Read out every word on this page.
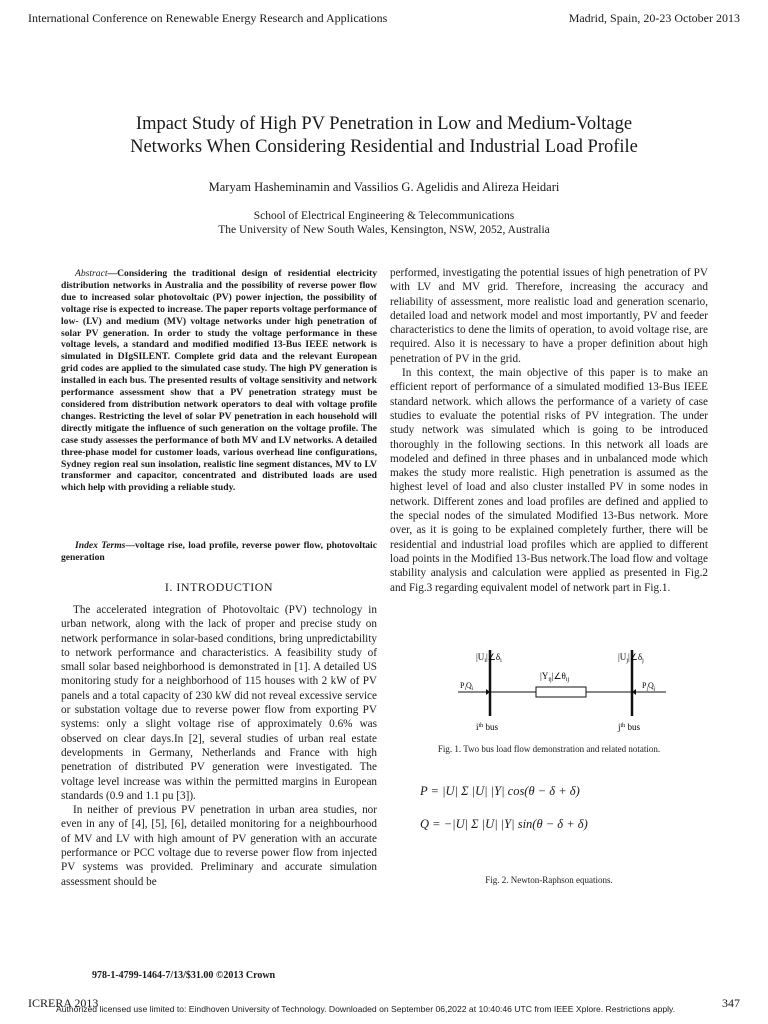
International Conference on Renewable Energy Research and Applications	Madrid, Spain, 20-23 October 2013
Impact Study of High PV Penetration in Low and Medium-Voltage
Networks When Considering Residential and Industrial Load Profile
Maryam Hasheminamin and Vassilios G. Agelidis and Alireza Heidari
School of Electrical Engineering & Telecommunications
The University of New South Wales, Kensington, NSW, 2052, Australia
Abstract—Considering the traditional design of residential electricity distribution networks in Australia and the possibility of reverse power flow due to increased solar photovoltaic (PV) power injection, the possibility of voltage rise is expected to increase. The paper reports voltage performance of low- (LV) and medium (MV) voltage networks under high penetration of solar PV generation. In order to study the voltage performance in these voltage levels, a standard and modified modified 13-Bus IEEE network is simulated in DIgSILENT. Complete grid data and the relevant European grid codes are applied to the simulated case study. The high PV generation is installed in each bus. The presented results of voltage sensitivity and network performance assessment show that a PV penetration strategy must be considered from distribution network operators to deal with voltage profile changes. Restricting the level of solar PV penetration in each household will directly mitigate the influence of such generation on the voltage profile. The case study assesses the performance of both MV and LV networks. A detailed three-phase model for customer loads, various overhead line configurations, Sydney region real sun insolation, realistic line segment distances, MV to LV transformer and capacitor, concentrated and distributed loads are used which help with providing a reliable study.
Index Terms—voltage rise, load profile, reverse power flow, photovoltaic generation
I. INTRODUCTION

The accelerated integration of Photovoltaic (PV) technology in urban network, along with the lack of proper and precise study on network performance in solar-based conditions, bring unpredictability to network performance and characteristics. A feasibility study of small solar based neighborhood is demonstrated in [1]. A detailed US monitoring study for a neighborhood of 115 houses with 2 kW of PV panels and a total capacity of 230 kW did not reveal excessive service or substation voltage due to reverse power flow from exporting PV systems: only a slight voltage rise of approximately 0.6% was observed on clear days.In [2], several studies of urban real estate developments in Germany, Netherlands and France with high penetration of distributed PV generation were investigated. The voltage level increase was within the permitted margins in European standards (0.9 and 1.1 pu [3]).

In neither of previous PV penetration in urban area studies, nor even in any of [4], [5], [6], detailed monitoring for a neighbourhood of MV and LV with high amount of PV generation with an accurate performance or PCC voltage due to reverse power flow from injected PV systems was provided. Preliminary and accurate simulation assessment should be

performed, investigating the potential issues of high penetration of PV with LV and MV grid. Therefore, increasing the accuracy and reliability of assessment, more realistic load and generation scenario, detailed load and network model and most importantly, PV and feeder characteristics to dene the limits of operation, to avoid voltage rise, are required. Also it is necessary to have a proper definition about high penetration of PV in the grid.

In this context, the main objective of this paper is to make an efficient report of performance of a simulated modified 13-Bus IEEE standard network. which allows the performance of a variety of case studies to evaluate the potential risks of PV integration. The under study network was simulated which is going to be introduced thoroughly in the following sections. In this network all loads are modeled and defined in three phases and in unbalanced mode which makes the study more realistic. High penetration is assumed as the highest level of load and also cluster installed PV in some nodes in network. Different zones and load profiles are defined and applied to the special nodes of the simulated Modified 13-Bus network. More over, as it is going to be explained completely further, there will be residential and industrial load profiles which are applied to different load points in the Modified 13-Bus network.The load flow and voltage stability analysis and calculation were applied as presented in Fig.2 and Fig.3 regarding equivalent model of network part in Fig.1.

$|U_i|\angle\delta_i$	$|U_j|\angle\delta_j$
$|Y_{ij}|\angle\theta_{ij}$
$P_iQ_i$	$P_jQ_j$
$i^{th}$ bus	$j^{th}$ bus
Fig. 1. Two bus load flow demonstration and related notation.
P = |U| Σ |U| |Y| cos(θ − δ + δ)
Q = −|U| Σ |U| |Y| sin(θ − δ + δ)
Fig. 2. Newton-Raphson equations.
978-1-4799-1464-7/13/$31.00 ©2013 Crown
ICRERA 2013
Authorized licensed use limited to: Eindhoven University of Technology. Downloaded on September 06,2022 at 10:40:46 UTC from IEEE Xplore. Restrictions apply.	347
